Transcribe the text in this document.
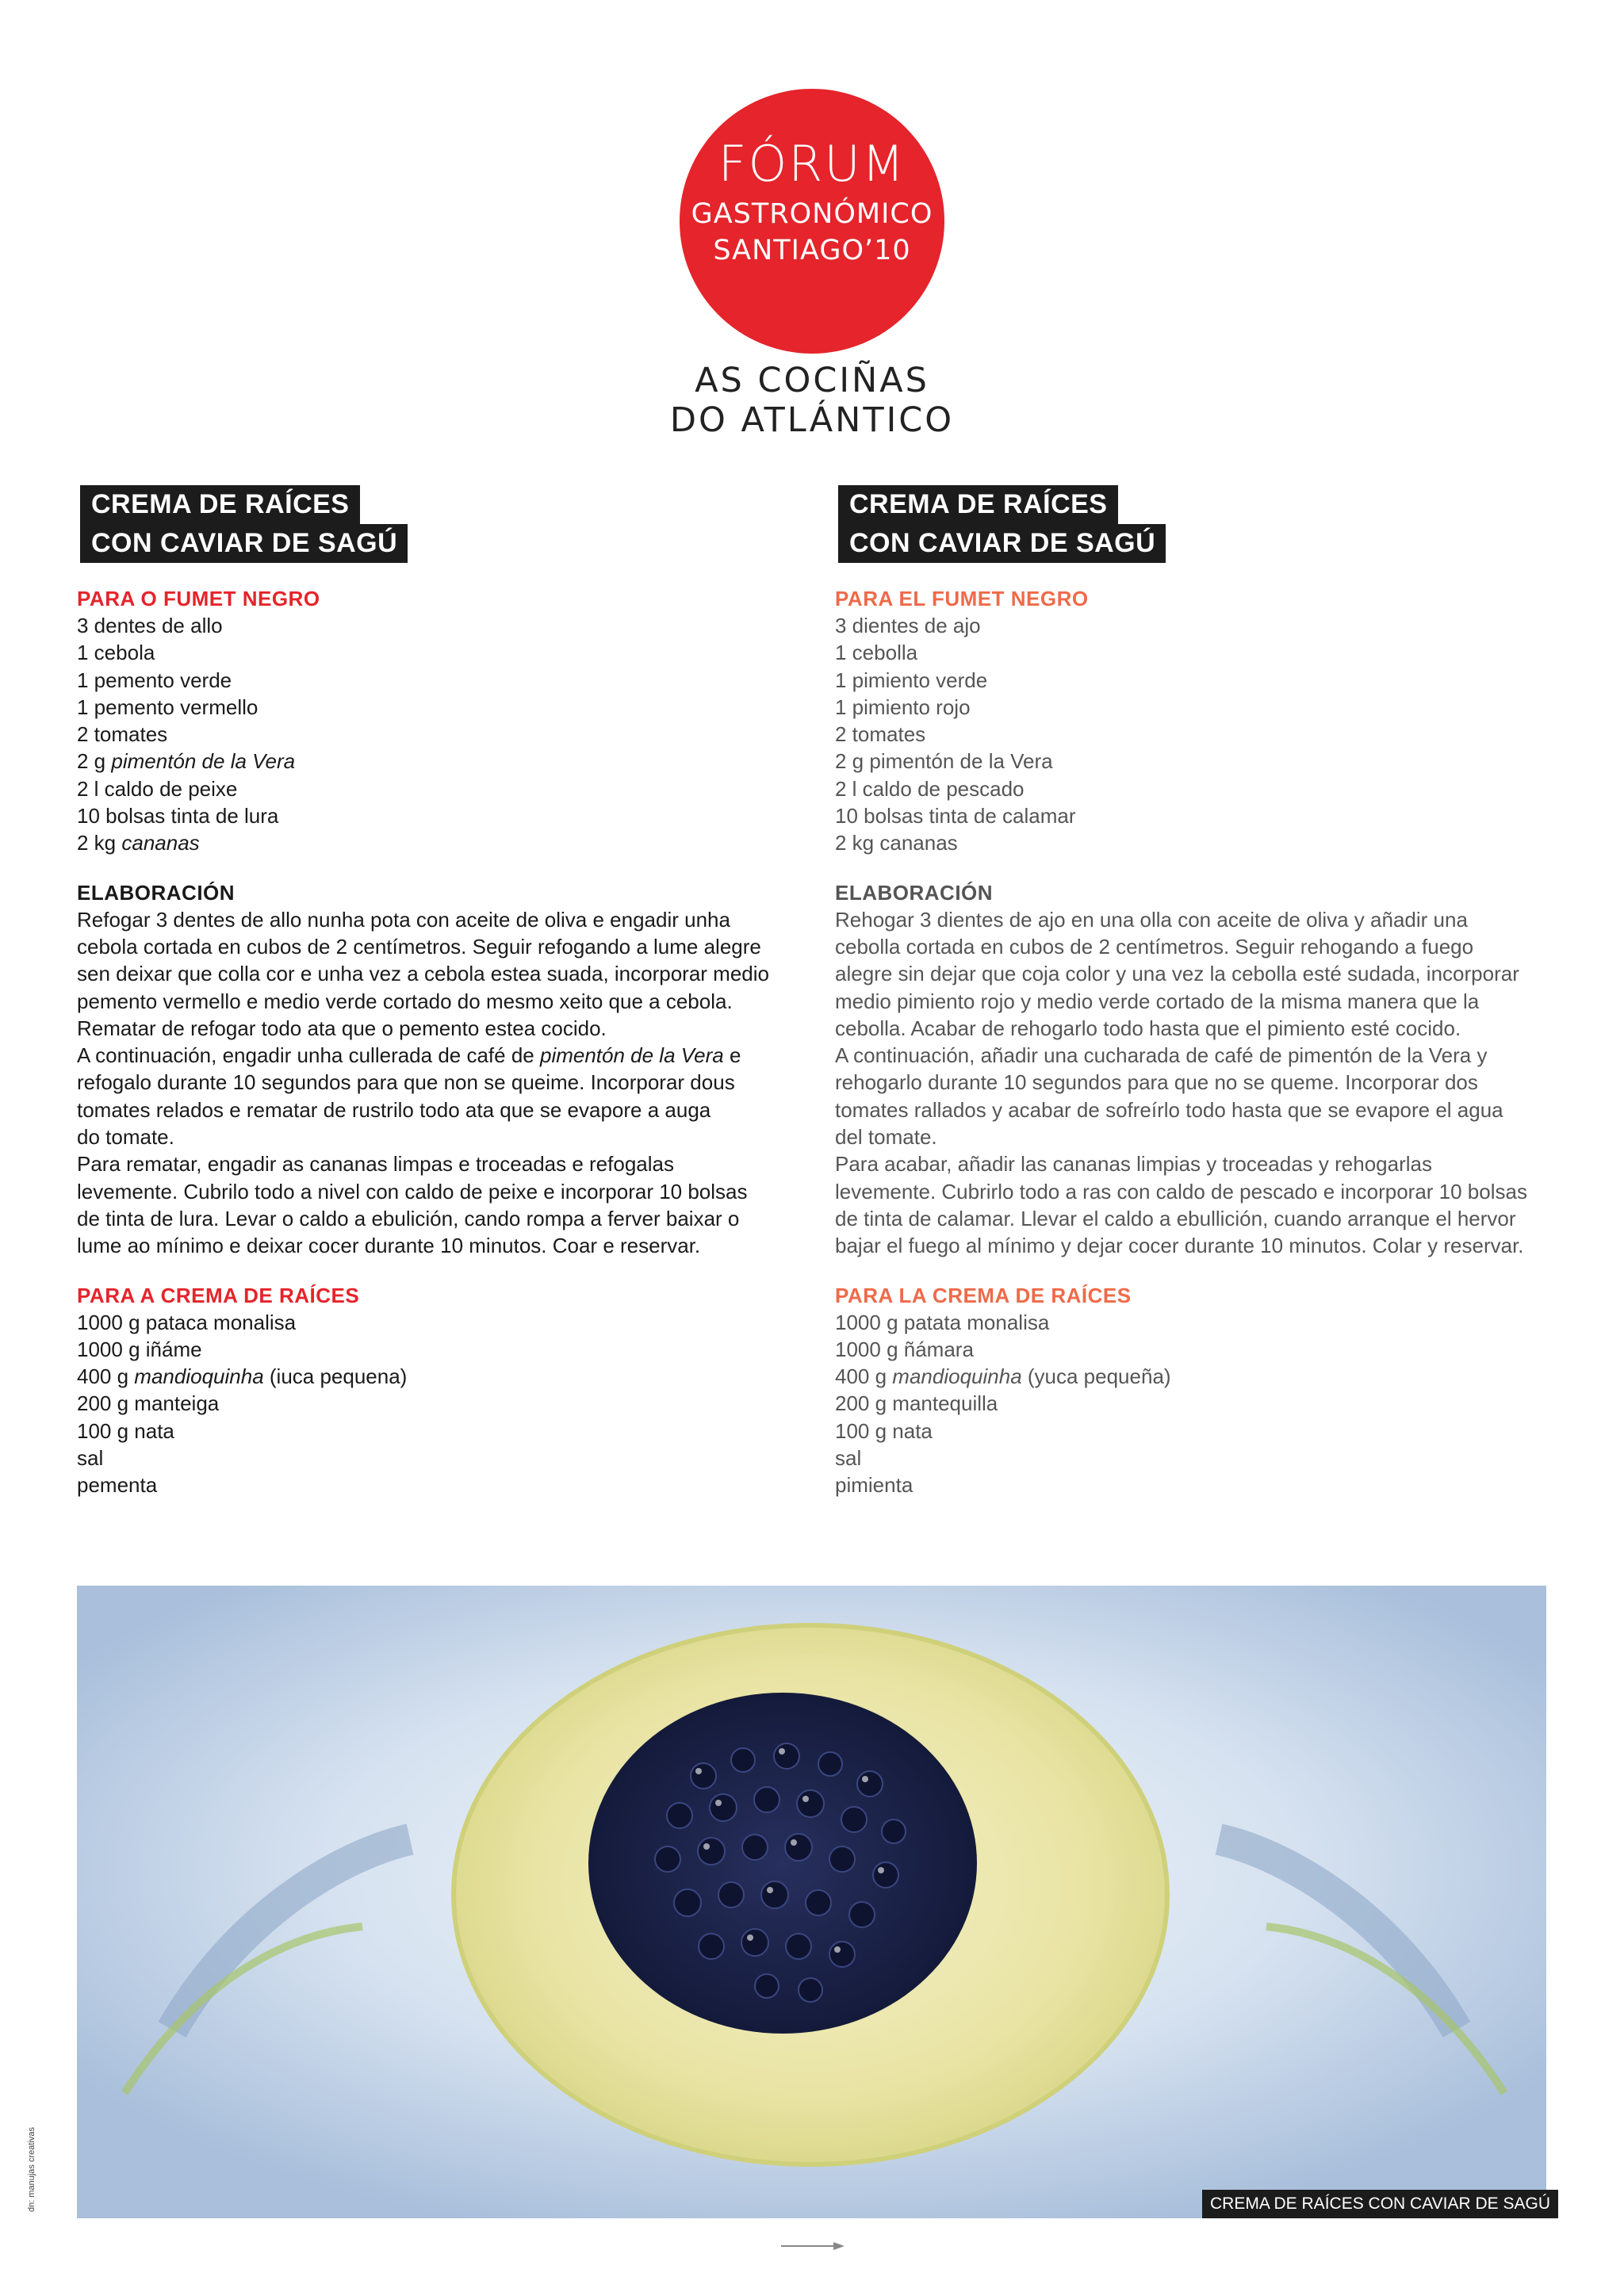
FÓRUM
GASTRONÓMICO
SANTIAGO’10
AS COCIÑAS
DO ATLÁNTICO
CREMA DE RAÍCES
CON CAVIAR DE SAGÚ
PARA O FUMET NEGRO
3 dentes de allo
1 cebola
1 pemento verde
1 pemento vermello
2 tomates
2 g pimentón de la Vera
2 l caldo de peixe
10 bolsas tinta de lura
2 kg cananas
ELABORACIÓN
Refogar 3 dentes de allo nunha pota con aceite de oliva e engadir unha
cebola cortada en cubos de 2 centímetros. Seguir refogando a lume alegre
sen deixar que colla cor e unha vez a cebola estea suada, incorporar medio
pemento vermello e medio verde cortado do mesmo xeito que a cebola.
Rematar de refogar todo ata que o pemento estea cocido.
A continuación, engadir unha cullerada de café de pimentón de la Vera e
refogalo durante 10 segundos para que non se queime. Incorporar dous
tomates relados e rematar de rustrilo todo ata que se evapore a auga
do tomate.
Para rematar, engadir as cananas limpas e troceadas e refogalas
levemente. Cubrilo todo a nivel con caldo de peixe e incorporar 10 bolsas
de tinta de lura. Levar o caldo a ebulición, cando rompa a ferver baixar o
lume ao mínimo e deixar cocer durante 10 minutos. Coar e reservar.
PARA A CREMA DE RAÍCES
1000 g pataca monalisa
1000 g iñáme
400 g mandioquinha (iuca pequena)
200 g manteiga
100 g nata
sal
pementa
CREMA DE RAÍCES
CON CAVIAR DE SAGÚ
PARA EL FUMET NEGRO
3 dientes de ajo
1 cebolla
1 pimiento verde
1 pimiento rojo
2 tomates
2 g pimentón de la Vera
2 l caldo de pescado
10 bolsas tinta de calamar
2 kg cananas
ELABORACIÓN
Rehogar 3 dientes de ajo en una olla con aceite de oliva y añadir una
cebolla cortada en cubos de 2 centímetros. Seguir rehogando a fuego
alegre sin dejar que coja color y una vez la cebolla esté sudada, incorporar
medio pimiento rojo y medio verde cortado de la misma manera que la
cebolla. Acabar de rehogarlo todo hasta que el pimiento esté cocido.
A continuación, añadir una cucharada de café de pimentón de la Vera y
rehogarlo durante 10 segundos para que no se queme. Incorporar dos
tomates rallados y acabar de sofreírlo todo hasta que se evapore el agua
del tomate.
Para acabar, añadir las cananas limpias y troceadas y rehogarlas
levemente. Cubrirlo todo a ras con caldo de pescado e incorporar 10 bolsas
de tinta de calamar. Llevar el caldo a ebullición, cuando arranque el hervor
bajar el fuego al mínimo y dejar cocer durante 10 minutos. Colar y reservar.
PARA LA CREMA DE RAÍCES
1000 g patata monalisa
1000 g ñámara
400 g mandioquinha (yuca pequeña)
200 g mantequilla
100 g nata
sal
pimienta
CREMA DE RAÍCES CON CAVIAR DE SAGÚ
dn: manujas creativas
